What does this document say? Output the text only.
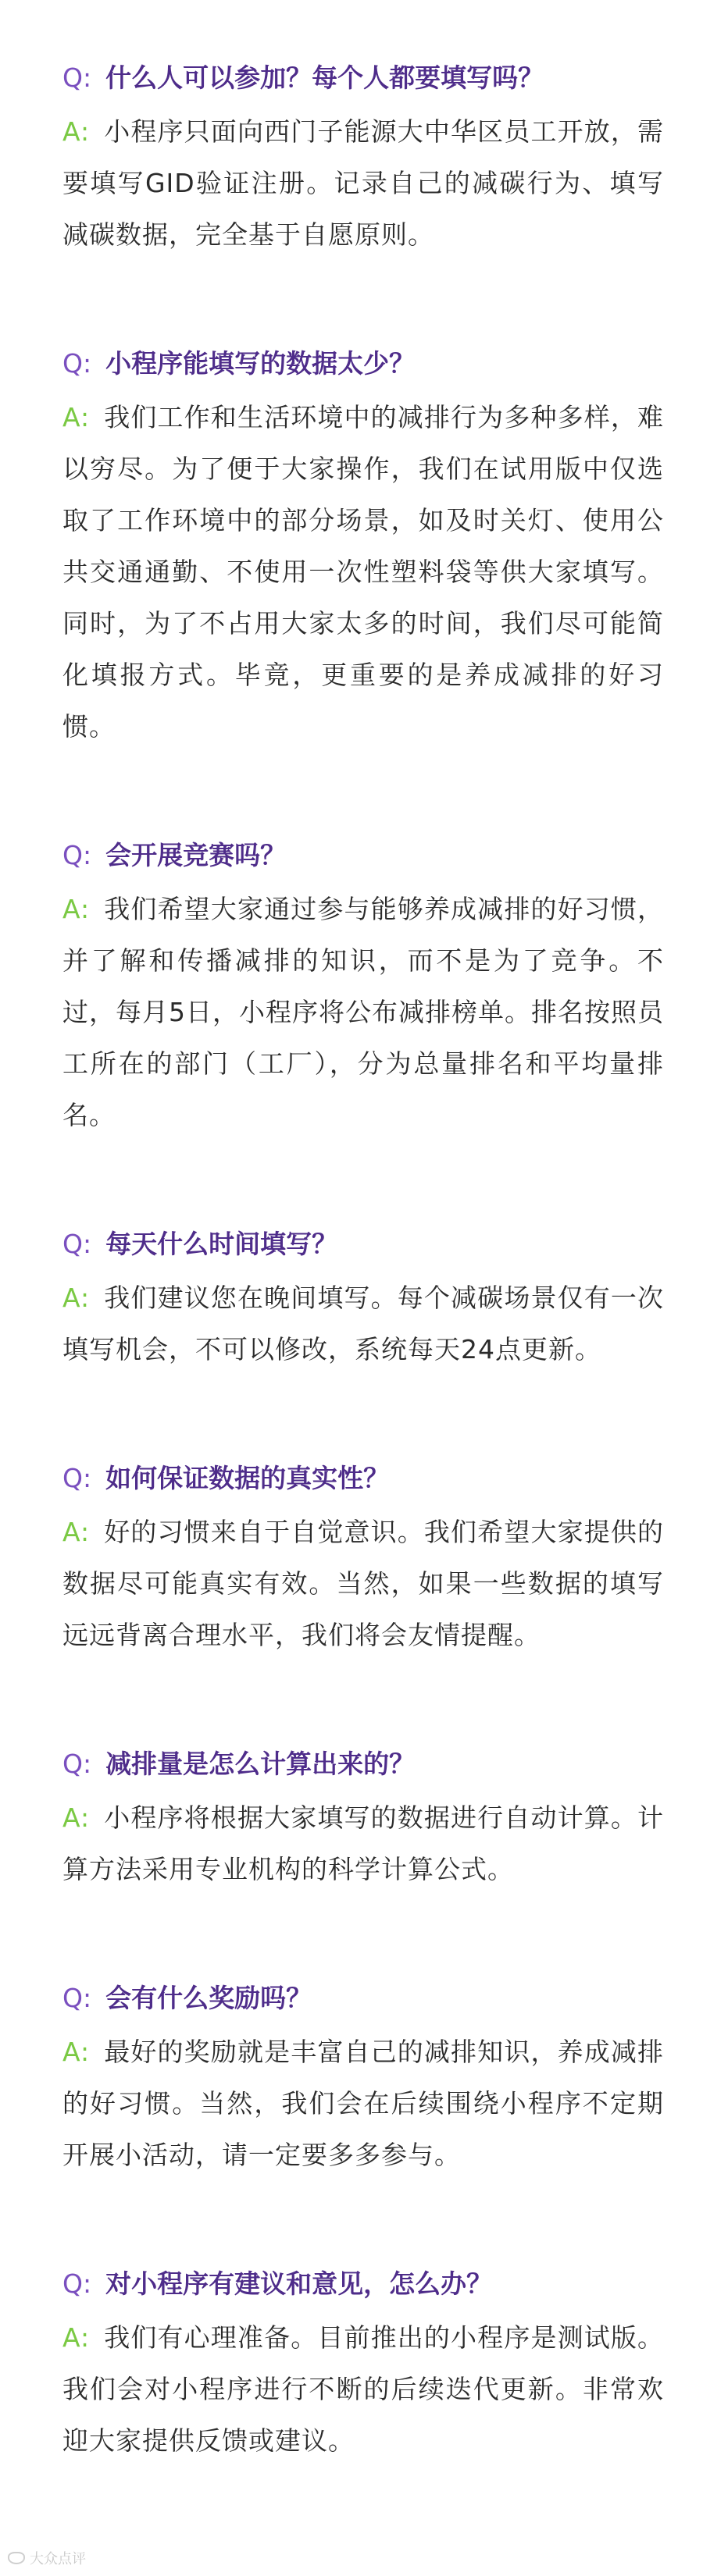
Q: 什么人可以参加？每个人都要填写吗？
A: 小程序只面向西门子能源大中华区员工开放，需要填写GID验证注册。记录自己的减碳行为、填写减碳数据，完全基于自愿原则。
Q: 小程序能填写的数据太少？
A: 我们工作和生活环境中的减排行为多种多样，难以穷尽。为了便于大家操作，我们在试用版中仅选取了工作环境中的部分场景，如及时关灯、使用公共交通通勤、不使用一次性塑料袋等供大家填写。同时，为了不占用大家太多的时间，我们尽可能简化填报方式。毕竟，更重要的是养成减排的好习惯。
Q: 会开展竞赛吗？
A: 我们希望大家通过参与能够养成减排的好习惯，并了解和传播减排的知识，而不是为了竞争。不过，每月5日，小程序将公布减排榜单。排名按照员工所在的部门（工厂），分为总量排名和平均量排名。
Q: 每天什么时间填写？
A: 我们建议您在晚间填写。每个减碳场景仅有一次填写机会，不可以修改，系统每天24点更新。
Q: 如何保证数据的真实性？
A: 好的习惯来自于自觉意识。我们希望大家提供的数据尽可能真实有效。当然，如果一些数据的填写远远背离合理水平，我们将会友情提醒。
Q: 减排量是怎么计算出来的？
A: 小程序将根据大家填写的数据进行自动计算。计算方法采用专业机构的科学计算公式。
Q: 会有什么奖励吗？
A: 最好的奖励就是丰富自己的减排知识，养成减排的好习惯。当然，我们会在后续围绕小程序不定期开展小活动，请一定要多多参与。
Q: 对小程序有建议和意见，怎么办？
A: 我们有心理准备。目前推出的小程序是测试版。我们会对小程序进行不断的后续迭代更新。非常欢迎大家提供反馈或建议。
大众点评
